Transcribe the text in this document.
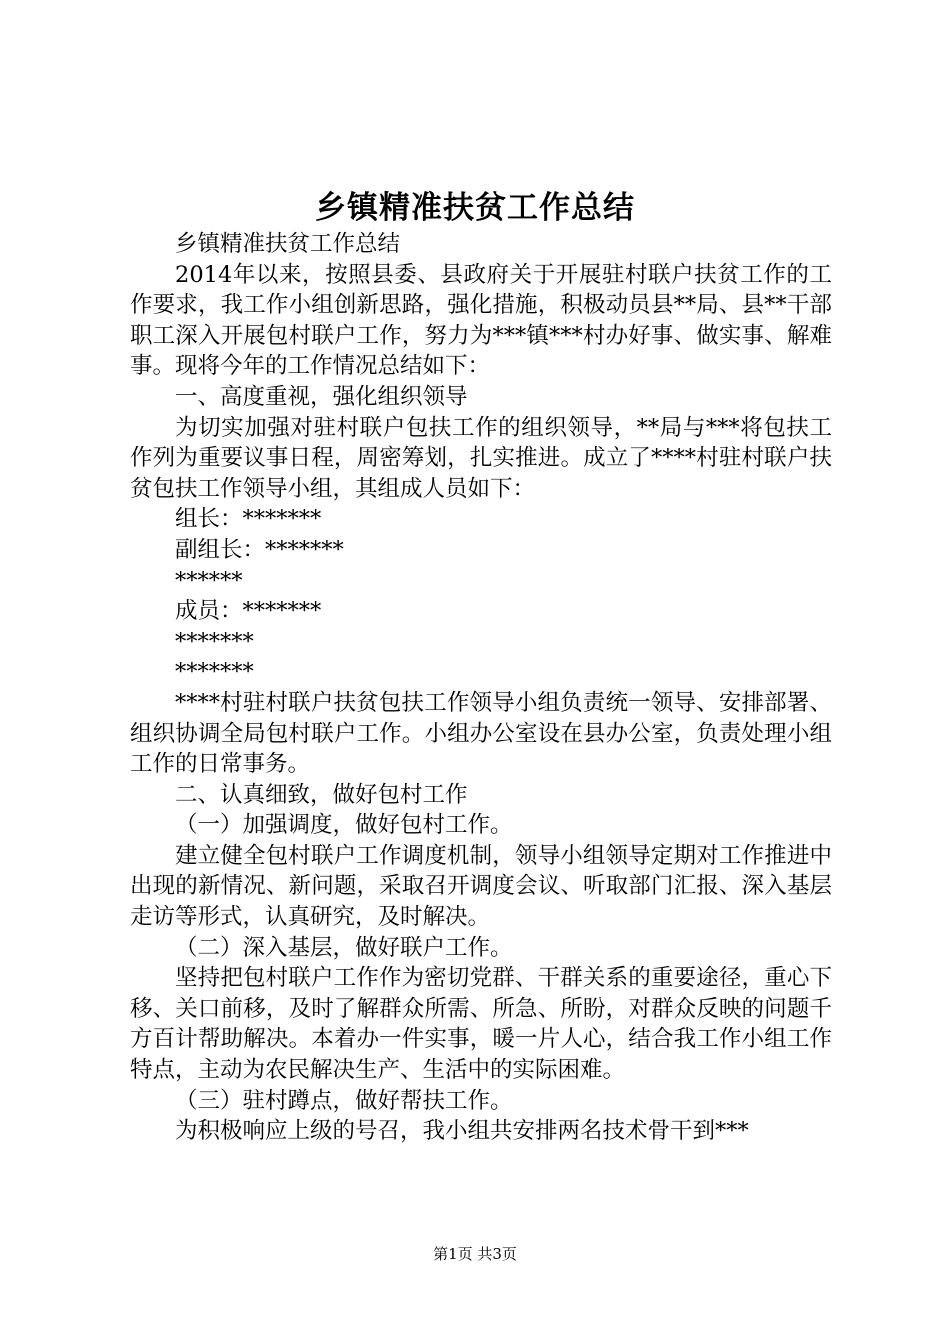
乡镇精准扶贫工作总结

乡镇精准扶贫工作总结

2014年以来，按照县委、县政府关于开展驻村联户扶贫工作的工作要求，我工作小组创新思路，强化措施，积极动员县**局、县**干部职工深入开展包村联户工作，努力为***镇***村办好事、做实事、解难事。现将今年的工作情况总结如下：

一、高度重视，强化组织领导

为切实加强对驻村联户包扶工作的组织领导，**局与***将包扶工作列为重要议事日程，周密筹划，扎实推进。成立了****村驻村联户扶贫包扶工作领导小组，其组成人员如下：

组长：*******

副组长：*******

******

成员：*******

*******

*******

****村驻村联户扶贫包扶工作领导小组负责统一领导、安排部署、组织协调全局包村联户工作。小组办公室设在县办公室，负责处理小组工作的日常事务。

二、认真细致，做好包村工作

（一）加强调度，做好包村工作。

建立健全包村联户工作调度机制，领导小组领导定期对工作推进中出现的新情况、新问题，采取召开调度会议、听取部门汇报、深入基层走访等形式，认真研究，及时解决。

（二）深入基层，做好联户工作。

坚持把包村联户工作作为密切党群、干群关系的重要途径，重心下移、关口前移，及时了解群众所需、所急、所盼，对群众反映的问题千方百计帮助解决。本着办一件实事，暖一片人心，结合我工作小组工作特点，主动为农民解决生产、生活中的实际困难。

（三）驻村蹲点，做好帮扶工作。

为积极响应上级的号召，我小组共安排两名技术骨干到***

第1页 共3页
